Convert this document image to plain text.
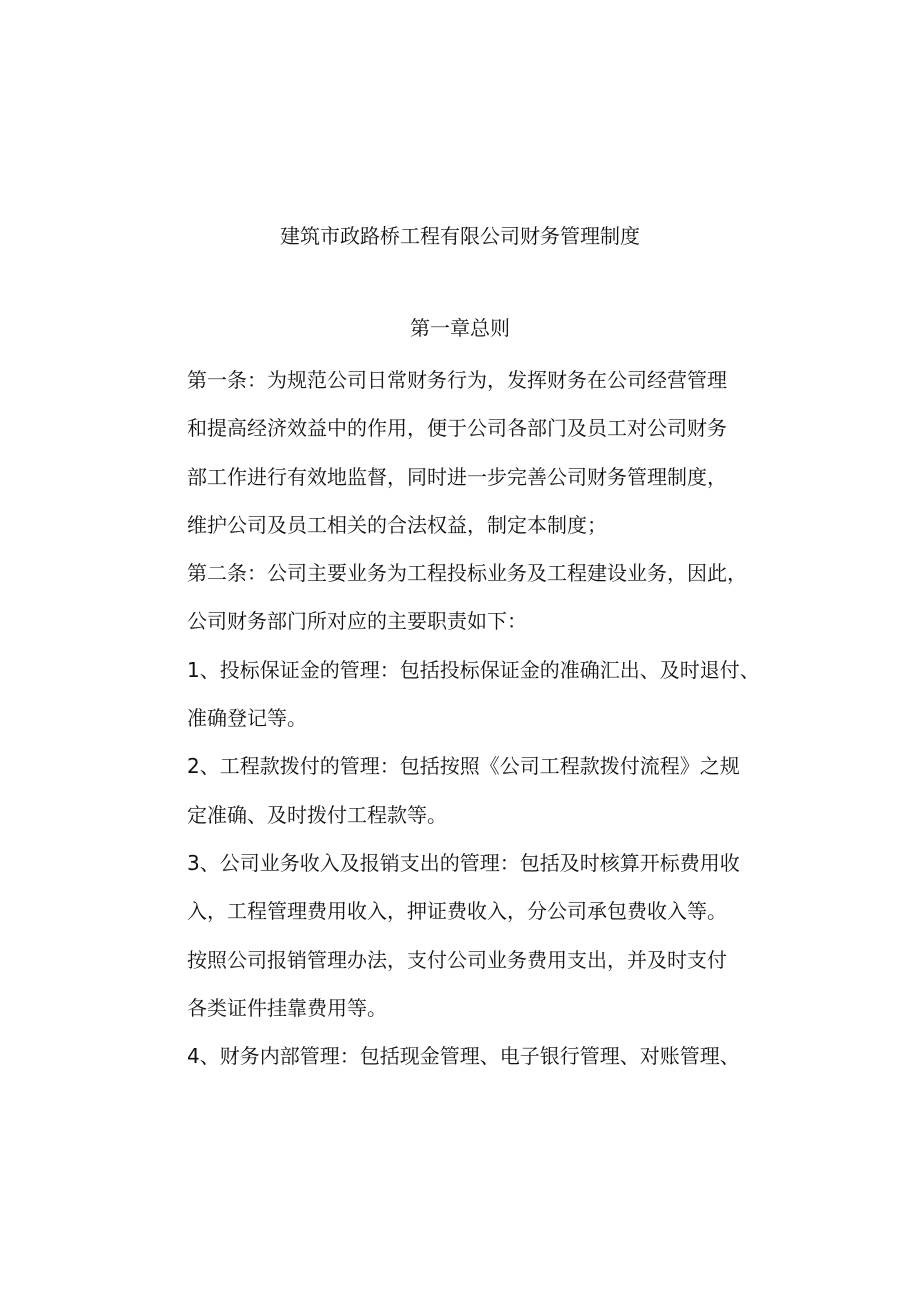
建筑市政路桥工程有限公司财务管理制度
第一章总则

第一条：为规范公司日常财务行为，发挥财务在公司经营管理

和提高经济效益中的作用，便于公司各部门及员工对公司财务

部工作进行有效地监督，同时进一步完善公司财务管理制度，

维护公司及员工相关的合法权益，制定本制度；

第二条：公司主要业务为工程投标业务及工程建设业务，因此，

公司财务部门所对应的主要职责如下：

1、投标保证金的管理：包括投标保证金的准确汇出、及时退付、

准确登记等。

2、工程款拨付的管理：包括按照《公司工程款拨付流程》之规

定准确、及时拨付工程款等。

3、公司业务收入及报销支出的管理：包括及时核算开标费用收

入，工程管理费用收入，押证费收入，分公司承包费收入等。

按照公司报销管理办法，支付公司业务费用支出，并及时支付

各类证件挂靠费用等。

4、财务内部管理：包括现金管理、电子银行管理、对账管理、
